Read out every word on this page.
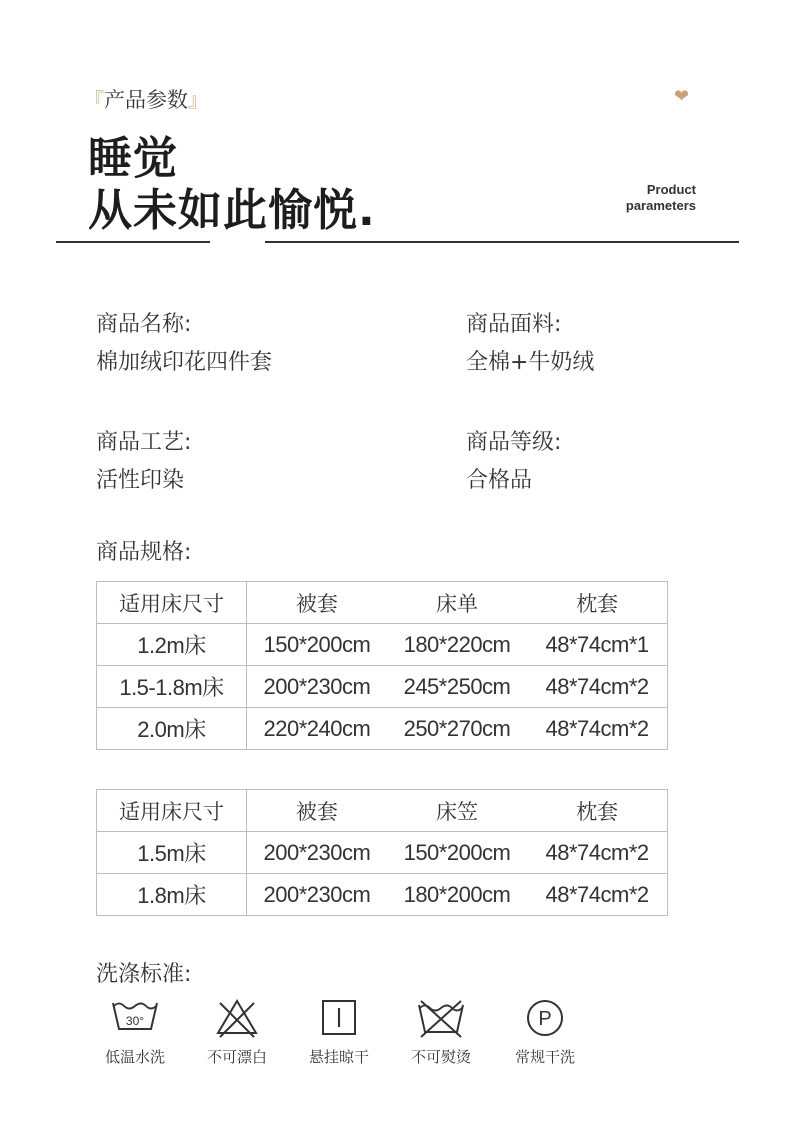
『产品参数』	❤
睡觉
从未如此愉悦.	Product
parameters
商品名称:
棉加绒印花四件套
商品面料:
全棉+牛奶绒
商品工艺:
活性印染
商品等级:
合格品
商品规格:
适用床尺寸	被套	床单	枕套
1.2m床	150*200cm	180*220cm	48*74cm*1
1.5-1.8m床	200*230cm	245*250cm	48*74cm*2
2.0m床	220*240cm	250*270cm	48*74cm*2
适用床尺寸	被套	床笠	枕套
1.5m床	200*230cm	150*200cm	48*74cm*2
1.8m床	200*230cm	180*200cm	48*74cm*2
洗涤标准:
30°	P
低温水洗	不可漂白	悬挂晾干	不可熨烫	常规干洗
